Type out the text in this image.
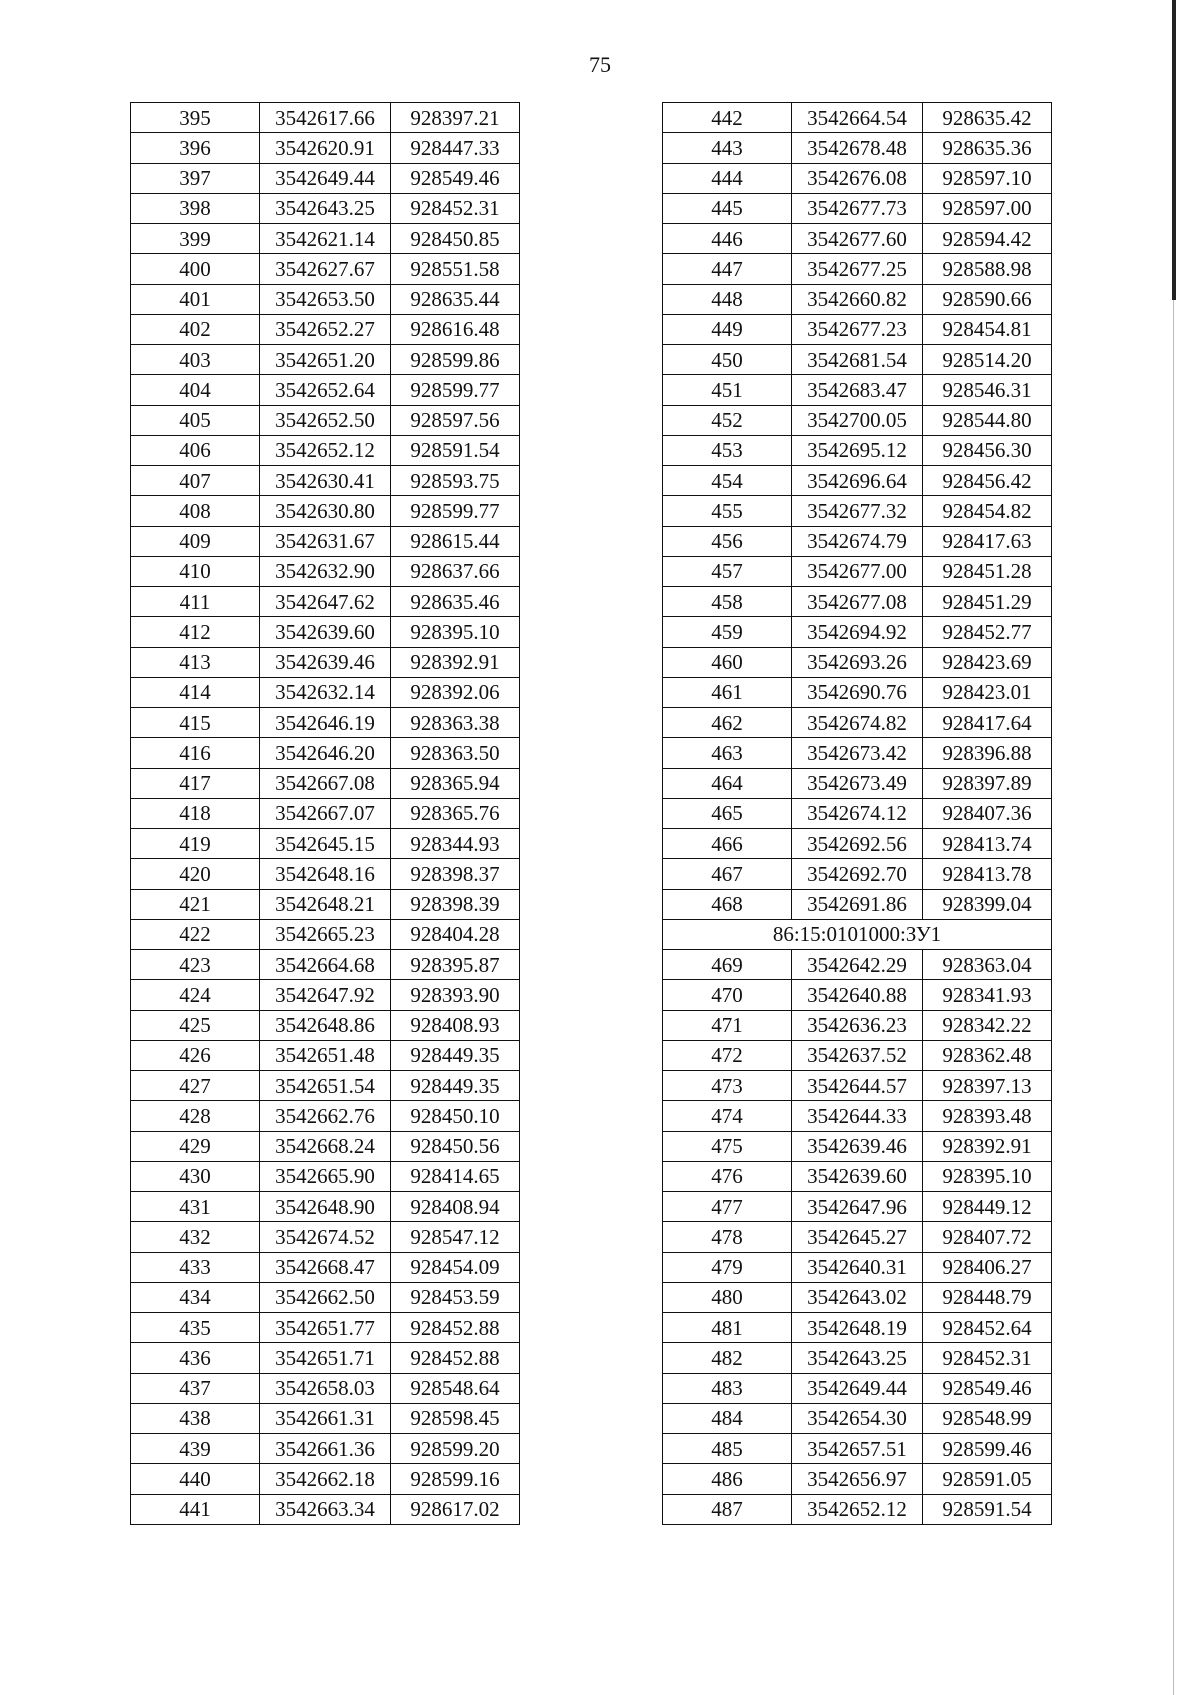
75
395	3542617.66	928397.21
396	3542620.91	928447.33
397	3542649.44	928549.46
398	3542643.25	928452.31
399	3542621.14	928450.85
400	3542627.67	928551.58
401	3542653.50	928635.44
402	3542652.27	928616.48
403	3542651.20	928599.86
404	3542652.64	928599.77
405	3542652.50	928597.56
406	3542652.12	928591.54
407	3542630.41	928593.75
408	3542630.80	928599.77
409	3542631.67	928615.44
410	3542632.90	928637.66
411	3542647.62	928635.46
412	3542639.60	928395.10
413	3542639.46	928392.91
414	3542632.14	928392.06
415	3542646.19	928363.38
416	3542646.20	928363.50
417	3542667.08	928365.94
418	3542667.07	928365.76
419	3542645.15	928344.93
420	3542648.16	928398.37
421	3542648.21	928398.39
422	3542665.23	928404.28
423	3542664.68	928395.87
424	3542647.92	928393.90
425	3542648.86	928408.93
426	3542651.48	928449.35
427	3542651.54	928449.35
428	3542662.76	928450.10
429	3542668.24	928450.56
430	3542665.90	928414.65
431	3542648.90	928408.94
432	3542674.52	928547.12
433	3542668.47	928454.09
434	3542662.50	928453.59
435	3542651.77	928452.88
436	3542651.71	928452.88
437	3542658.03	928548.64
438	3542661.31	928598.45
439	3542661.36	928599.20
440	3542662.18	928599.16
441	3542663.34	928617.02
442	3542664.54	928635.42
443	3542678.48	928635.36
444	3542676.08	928597.10
445	3542677.73	928597.00
446	3542677.60	928594.42
447	3542677.25	928588.98
448	3542660.82	928590.66
449	3542677.23	928454.81
450	3542681.54	928514.20
451	3542683.47	928546.31
452	3542700.05	928544.80
453	3542695.12	928456.30
454	3542696.64	928456.42
455	3542677.32	928454.82
456	3542674.79	928417.63
457	3542677.00	928451.28
458	3542677.08	928451.29
459	3542694.92	928452.77
460	3542693.26	928423.69
461	3542690.76	928423.01
462	3542674.82	928417.64
463	3542673.42	928396.88
464	3542673.49	928397.89
465	3542674.12	928407.36
466	3542692.56	928413.74
467	3542692.70	928413.78
468	3542691.86	928399.04
86:15:0101000:ЗУ1		
469	3542642.29	928363.04
470	3542640.88	928341.93
471	3542636.23	928342.22
472	3542637.52	928362.48
473	3542644.57	928397.13
474	3542644.33	928393.48
475	3542639.46	928392.91
476	3542639.60	928395.10
477	3542647.96	928449.12
478	3542645.27	928407.72
479	3542640.31	928406.27
480	3542643.02	928448.79
481	3542648.19	928452.64
482	3542643.25	928452.31
483	3542649.44	928549.46
484	3542654.30	928548.99
485	3542657.51	928599.46
486	3542656.97	928591.05
487	3542652.12	928591.54
